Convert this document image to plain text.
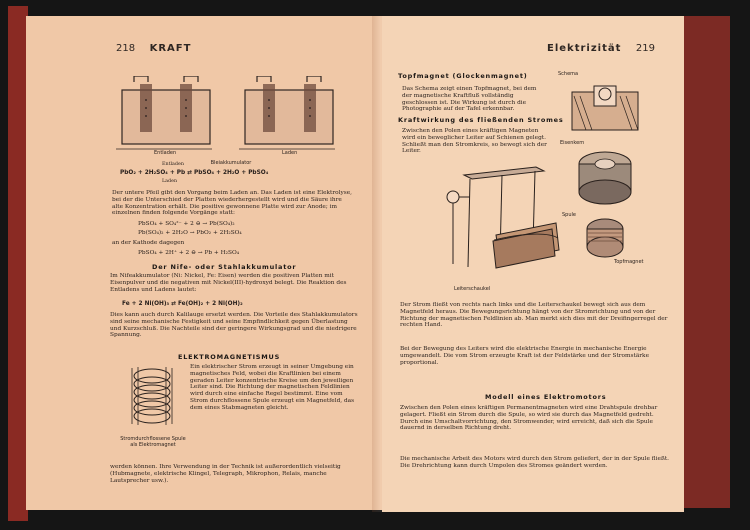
218 KRAFT
Entladen	Laden
Bleiakkumulator
PbO₂ + 2H₂SO₄ + Pb ⇄ PbSO₄ + 2H₂O + PbSO₄
Entladen
Laden
Der untere Pfeil gibt den Vorgang beim Laden an. Das Laden ist eine Elektrolyse, bei der die Unterschied der Platten wiederhergestellt wird und die Säure ihre alte Konzentration erhält. Die positive gewonnene Platte wird zur Anode; im einzelnen finden folgende Vorgänge statt:
PbSO₄ + SO₄²⁻ + 2 ⊖ → Pb(SO₄)₂
Pb(SO₄)₂ + 2H₂O → PbO₂ + 2H₂SO₄
an der Kathode dagegen
PbSO₄ + 2H⁺ + 2 ⊖ → Pb + H₂SO₄
Der Nife- oder Stahlakkumulator
Im Nifeakkumulator (Ni: Nickel, Fe: Eisen) werden die positiven Platten mit Eisenpulver und die negativen mit Nickel(III)-hydroxyd belegt. Die Reaktion des Entladens und Ladens lautet:
Fe + 2 Ni(OH)₃ ⇄ Fe(OH)₂ + 2 Ni(OH)₂
Dies kann auch durch Kalilauge ersetzt werden. Die Vorteile des Stahlakkumulators sind seine mechanische Festigkeit und seine Empfindlichkeit gegen Überlastung und Kurzschluß. Die Nachteile sind der geringere Wirkungsgrad und die niedrigere Spannung.
ELEKTROMAGNETISMUS
Stromdurchflossene Spule als Elektromagnet
Ein elektrischer Strom erzeugt in seiner Umgebung ein magnetisches Feld, wobei die Kraftlinien bei einem geraden Leiter konzentrische Kreise um den jeweiligen Leiter sind. Die Richtung der magnetischen Feldlinien wird durch eine einfache Regel bestimmt. Eine vom Strom durchflossene Spule erzeugt ein Magnetfeld, das dem eines Stabmagneten gleicht.
werden können. Ihre Verwendung in der Technik ist außerordentlich vielseitig (Hubmagnete, elektrische Klingel, Telegraph, Mikrophon, Relais, manche Lautsprecher usw.).
Elektrizität 219
Topfmagnet (Glockenmagnet)	Schema
Das Schema zeigt einen Topfmagnet, bei dem der magnetische Kraftfluß vollständig geschlossen ist. Die Wirkung ist durch die Photographie auf der Tafel erkennbar.
Eisenkern
Spule
Topfmagnet
Kraftwirkung des fließenden Stromes
Zwischen den Polen eines kräftigen Magneten wird ein beweglicher Leiter auf Schienen gelegt. Schließt man den Stromkreis, so bewegt sich der Leiter.
Leiterschaukel
Der Strom fließt von rechts nach links und die Leiterschaukel bewegt sich aus dem Magnetfeld heraus. Die Bewegungsrichtung hängt von der Stromrichtung und von der Richtung der magnetischen Feldlinien ab. Man merkt sich dies mit der Dreifingerregel der rechten Hand.
Bei der Bewegung des Leiters wird die elektrische Energie in mechanische Energie umgewandelt. Die vom Strom erzeugte Kraft ist der Feldstärke und der Stromstärke proportional.
Modell eines Elektromotors
Zwischen den Polen eines kräftigen Permanentmagneten wird eine Drahtspule drehbar gelagert. Fließt ein Strom durch die Spule, so wird sie durch das Magnetfeld gedreht. Durch eine Umschaltvorrichtung, den Stromwender, wird erreicht, daß sich die Spule dauernd in derselben Richtung dreht.
Die mechanische Arbeit des Motors wird durch den Strom geliefert, der in der Spule fließt. Die Drehrichtung kann durch Umpolen des Stromes geändert werden.
